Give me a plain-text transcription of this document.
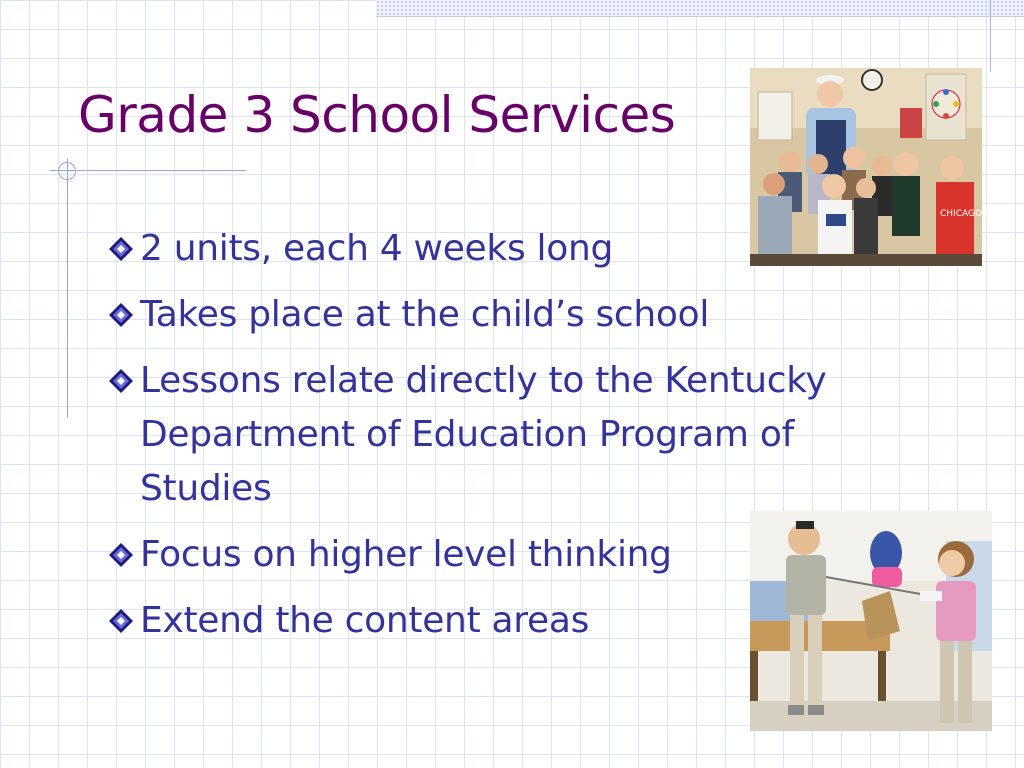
Grade 3 School Services
2 units, each 4 weeks long
Takes place at the child’s school
Lessons relate directly to the Kentucky Department of Education Program of Studies
Focus on higher level thinking
Extend the content areas
CHICAGO BULLS
